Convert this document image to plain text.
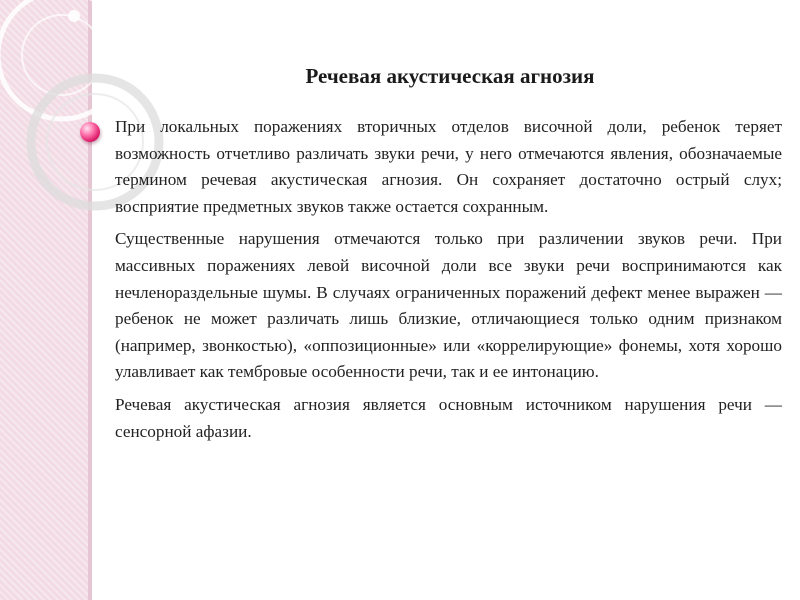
Речевая акустическая агнозия

При локальных поражениях вторичных отделов височной доли, ребенок теряет возможность отчетливо различать звуки речи, у него отмечаются явления, обозначаемые термином речевая акустическая агнозия. Он сохраняет достаточно острый слух; восприятие предметных звуков также остается сохранным.

Существенные нарушения отмечаются только при различении звуков речи. При массивных поражениях левой височной доли все звуки речи воспринимаются как нечленораздельные шумы. В случаях ограниченных поражений дефект менее выражен — ребенок не может различать лишь близкие, отличающиеся только одним признаком (например, звонкостью), «оппозиционные» или «коррелирующие» фонемы, хотя хорошо улавливает как тембровые особенности речи, так и ее интонацию.

Речевая акустическая агнозия является основным источником нарушения речи — сенсорной афазии.
